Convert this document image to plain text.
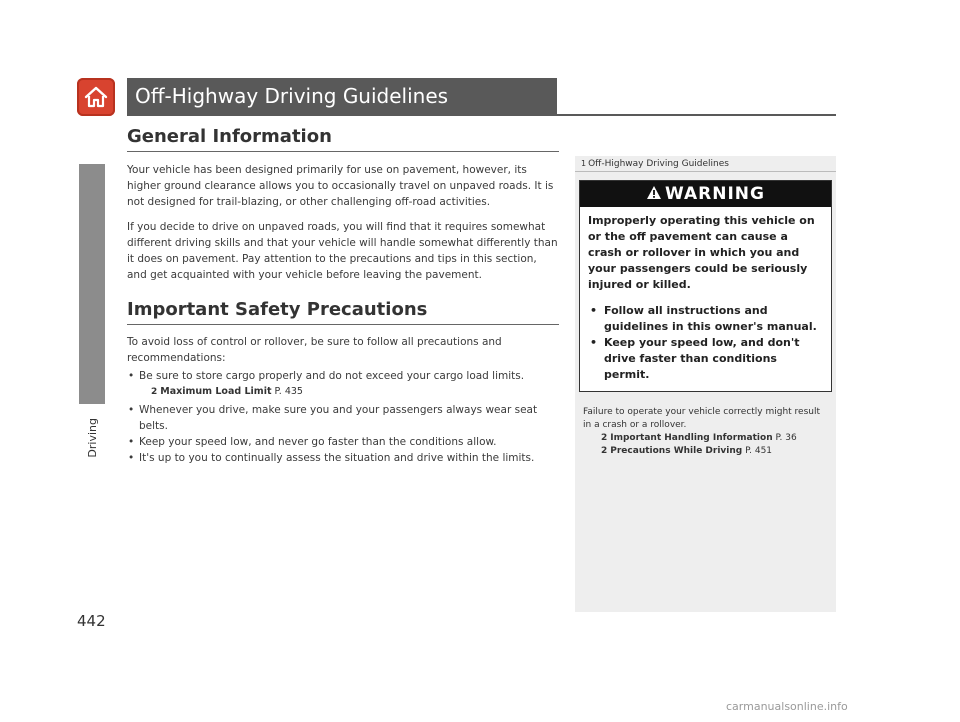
Off-Highway Driving Guidelines
Driving
442
General Information

Your vehicle has been designed primarily for use on pavement, however, its higher ground clearance allows you to occasionally travel on unpaved roads. It is not designed for trail-blazing, or other challenging off-road activities.

If you decide to drive on unpaved roads, you will find that it requires somewhat different driving skills and that your vehicle will handle somewhat differently than it does on pavement. Pay attention to the precautions and tips in this section, and get acquainted with your vehicle before leaving the pavement.

Important Safety Precautions

To avoid loss of control or rollover, be sure to follow all precautions and recommendations:

• Be sure to store cargo properly and do not exceed your cargo load limits.
2 Maximum Load Limit P. 435
• Whenever you drive, make sure you and your passengers always wear seat belts.
• Keep your speed low, and never go faster than the conditions allow.
• It's up to you to continually assess the situation and drive within the limits.
1 Off-Highway Driving Guidelines
WARNING

Improperly operating this vehicle on or the off pavement can cause a crash or rollover in which you and your passengers could be seriously injured or killed.

• Follow all instructions and guidelines in this owner's manual.
• Keep your speed low, and don't drive faster than conditions permit.

Failure to operate your vehicle correctly might result in a crash or a rollover.

2 Important Handling Information P. 36
2 Precautions While Driving P. 451
carmanualsonline.info
